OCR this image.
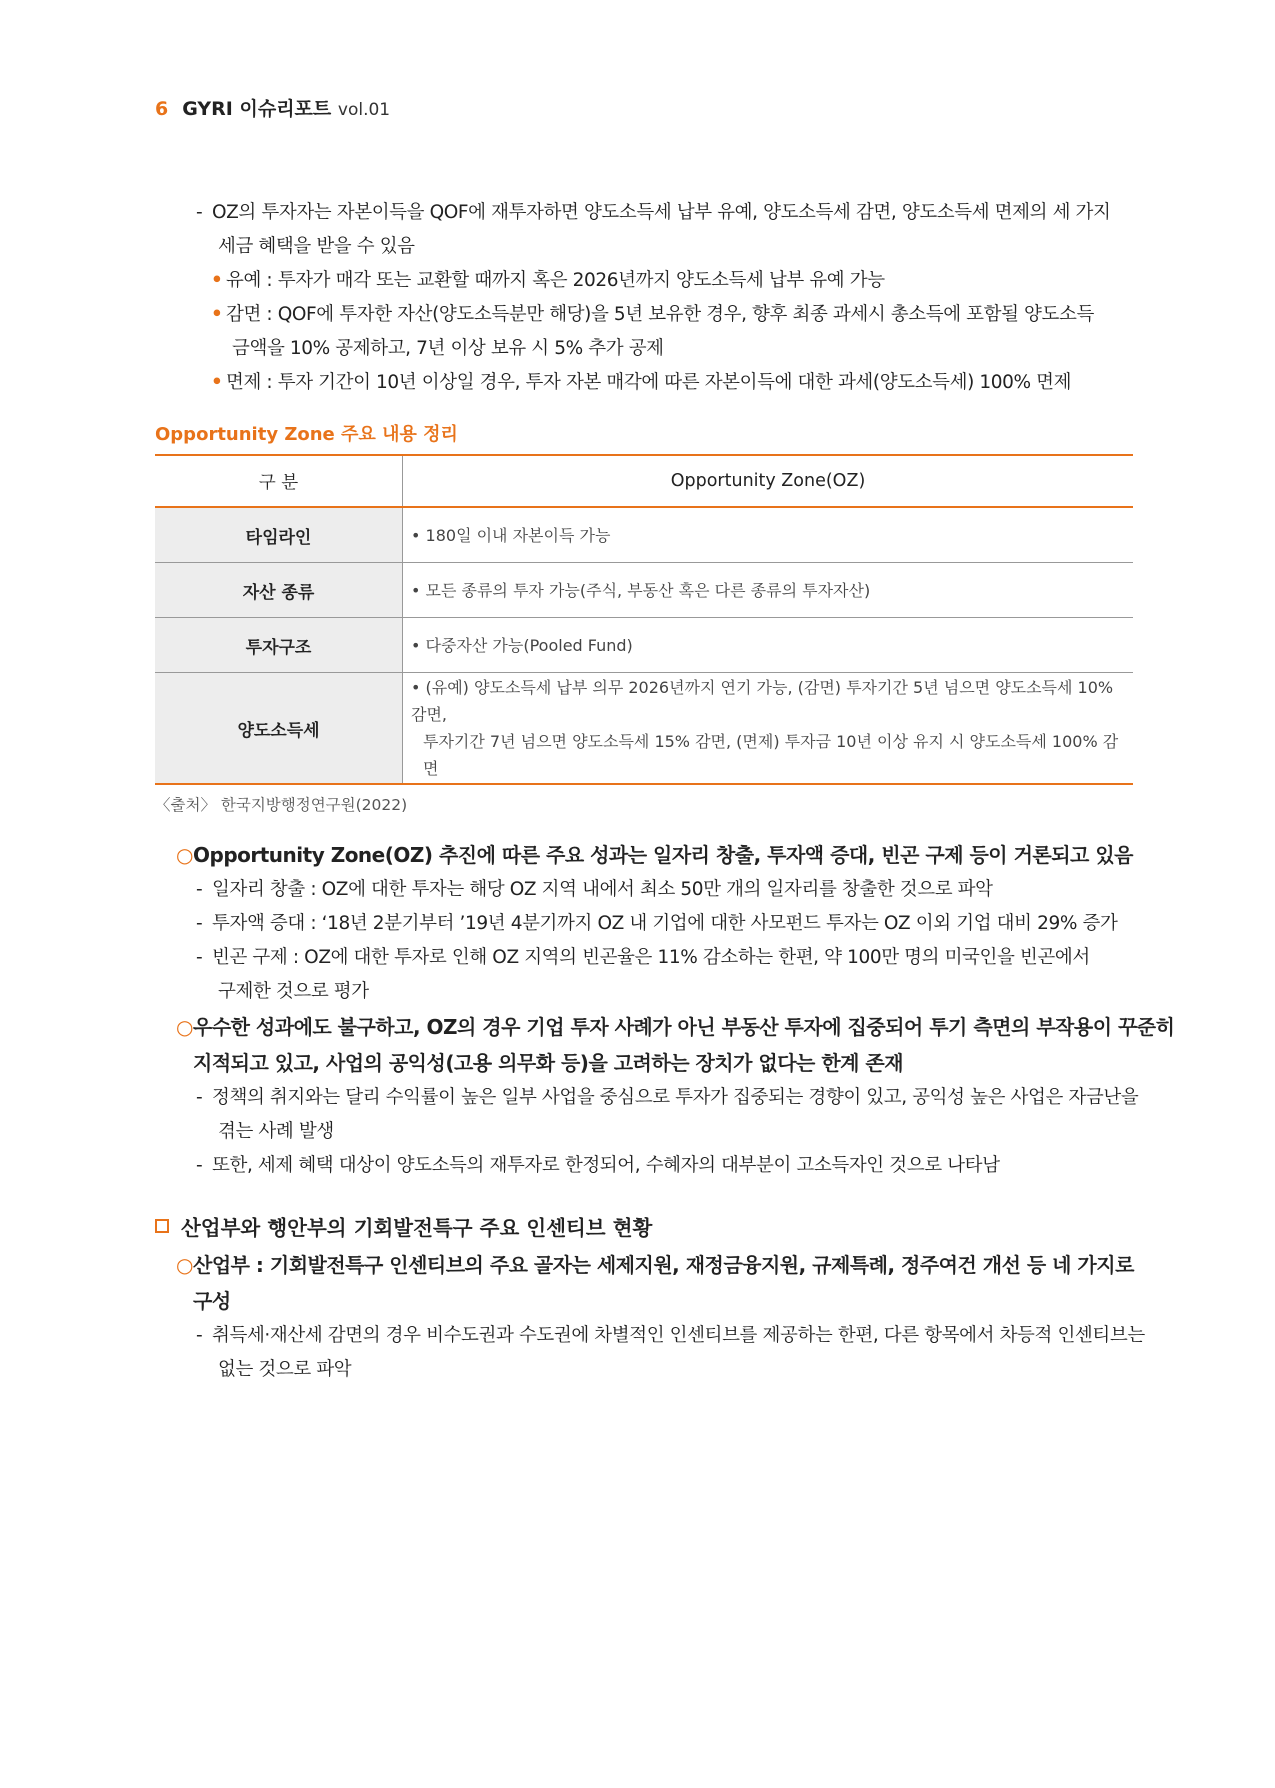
6 GYRI 이슈리포트 vol.01
- OZ의 투자자는 자본이득을 QOF에 재투자하면 양도소득세 납부 유예, 양도소득세 감면, 양도소득세 면제의 세 가지
세금 혜택을 받을 수 있음
• 유예 : 투자가 매각 또는 교환할 때까지 혹은 2026년까지 양도소득세 납부 유예 가능
• 감면 : QOF에 투자한 자산(양도소득분만 해당)을 5년 보유한 경우, 향후 최종 과세시 총소득에 포함될 양도소득
금액을 10% 공제하고, 7년 이상 보유 시 5% 추가 공제
• 면제 : 투자 기간이 10년 이상일 경우, 투자 자본 매각에 따른 자본이득에 대한 과세(양도소득세) 100% 면제
Opportunity Zone 주요 내용 정리
구 분	Opportunity Zone(OZ)
타임라인	• 180일 이내 자본이득 가능
자산 종류	• 모든 종류의 투자 가능(주식, 부동산 혹은 다른 종류의 투자자산)
투자구조	• 다중자산 가능(Pooled Fund)
양도소득세	• (유예) 양도소득세 납부 의무 2026년까지 연기 가능, (감면) 투자기간 5년 넘으면 양도소득세 10% 감면,
투자기간 7년 넘으면 양도소득세 15% 감면, (면제) 투자금 10년 이상 유지 시 양도소득세 100% 감면
〈출처〉 한국지방행정연구원(2022)
○Opportunity Zone(OZ) 추진에 따른 주요 성과는 일자리 창출, 투자액 증대, 빈곤 구제 등이 거론되고 있음
- 일자리 창출 : OZ에 대한 투자는 해당 OZ 지역 내에서 최소 50만 개의 일자리를 창출한 것으로 파악
- 투자액 증대 : ‘18년 2분기부터 ’19년 4분기까지 OZ 내 기업에 대한 사모펀드 투자는 OZ 이외 기업 대비 29% 증가
- 빈곤 구제 : OZ에 대한 투자로 인해 OZ 지역의 빈곤율은 11% 감소하는 한편, 약 100만 명의 미국인을 빈곤에서
구제한 것으로 평가
○우수한 성과에도 불구하고, OZ의 경우 기업 투자 사례가 아닌 부동산 투자에 집중되어 투기 측면의 부작용이 꾸준히
지적되고 있고, 사업의 공익성(고용 의무화 등)을 고려하는 장치가 없다는 한계 존재
- 정책의 취지와는 달리 수익률이 높은 일부 사업을 중심으로 투자가 집중되는 경향이 있고, 공익성 높은 사업은 자금난을
겪는 사례 발생
- 또한, 세제 혜택 대상이 양도소득의 재투자로 한정되어, 수혜자의 대부분이 고소득자인 것으로 나타남
산업부와 행안부의 기회발전특구 주요 인센티브 현황
○산업부 : 기회발전특구 인센티브의 주요 골자는 세제지원, 재정금융지원, 규제특례, 정주여건 개선 등 네 가지로
구성
- 취득세·재산세 감면의 경우 비수도권과 수도권에 차별적인 인센티브를 제공하는 한편, 다른 항목에서 차등적 인센티브는
없는 것으로 파악
